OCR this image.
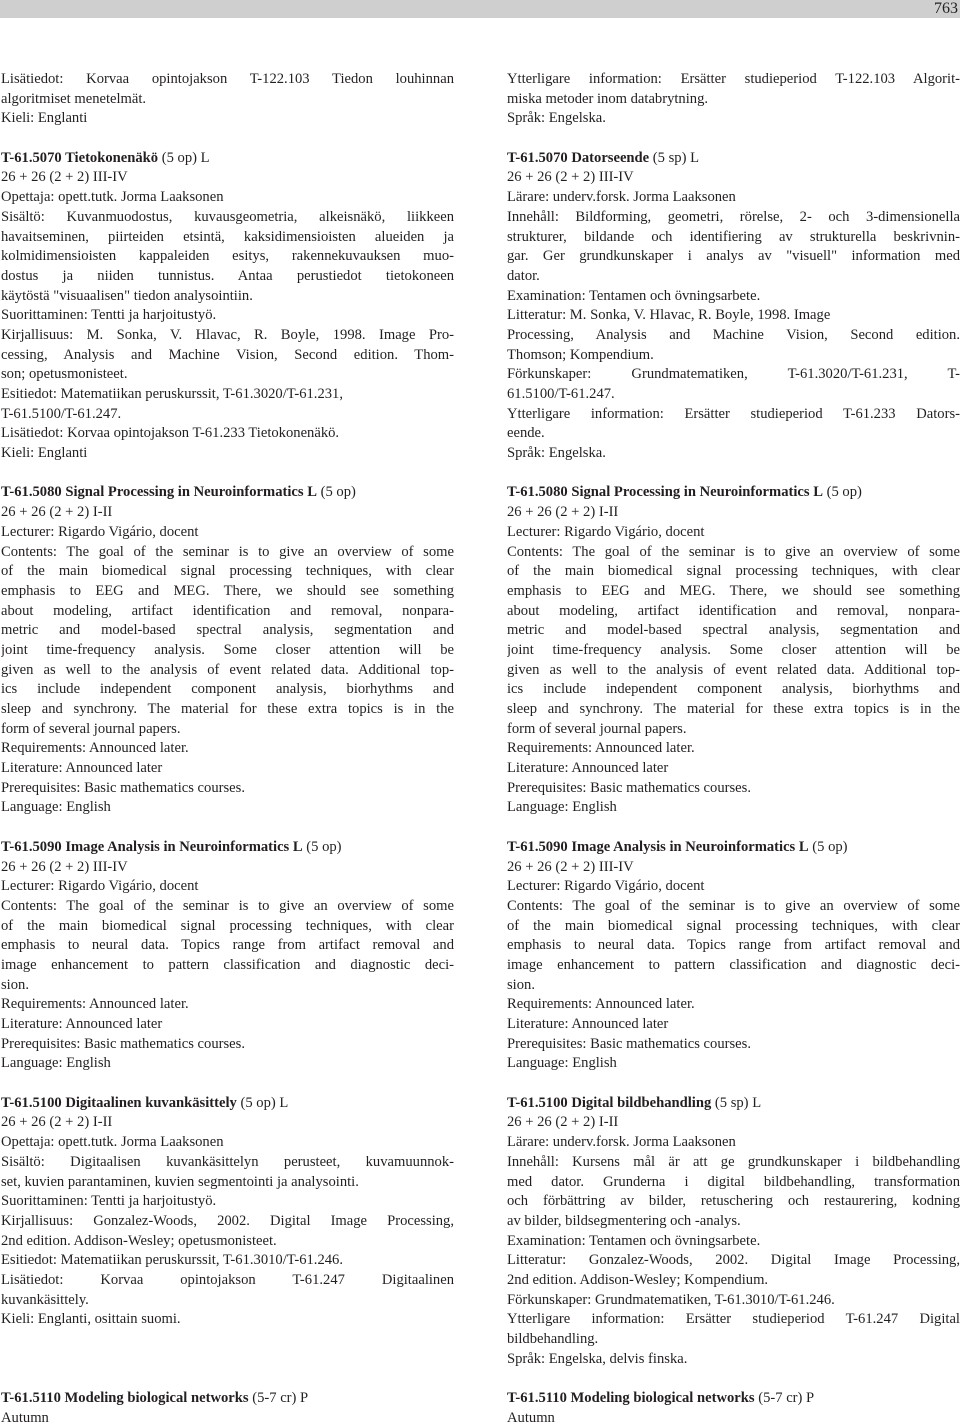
763
Lisätiedot: Korvaa opintojakson T-122.103 Tiedon louhinnan
algoritmiset menetelmät.
Kieli: Englanti
T-61.5070 Tietokonenäkö (5 op) L
26 + 26 (2 + 2) III-IV
Opettaja: opett.tutk. Jorma Laaksonen
Sisältö: Kuvanmuodostus, kuvausgeometria, alkeisnäkö, liikkeen
havaitseminen, piirteiden etsintä, kaksidimensioisten alueiden ja
kolmidimensioisten kappaleiden esitys, rakennekuvauksen muo-
dostus ja niiden tunnistus. Antaa perustiedot tietokoneen
käytöstä "visuaalisen" tiedon analysointiin.
Suorittaminen: Tentti ja harjoitustyö.
Kirjallisuus: M. Sonka, V. Hlavac, R. Boyle, 1998. Image Pro-
cessing, Analysis and Machine Vision, Second edition. Thom-
son; opetusmonisteet.
Esitiedot: Matematiikan peruskurssit, T-61.3020/T-61.231,
T-61.5100/T-61.247.
Lisätiedot: Korvaa opintojakson T-61.233 Tietokonenäkö.
Kieli: Englanti
T-61.5080 Signal Processing in Neuroinformatics L (5 op)
26 + 26 (2 + 2) I-II
Lecturer: Rigardo Vigário, docent
Contents: The goal of the seminar is to give an overview of some
of the main biomedical signal processing techniques, with clear
emphasis to EEG and MEG. There, we should see something
about modeling, artifact identification and removal, nonpara-
metric and model-based spectral analysis, segmentation and
joint time-frequency analysis. Some closer attention will be
given as well to the analysis of event related data. Additional top-
ics include independent component analysis, biorhythms and
sleep and synchrony. The material for these extra topics is in the
form of several journal papers.
Requirements: Announced later.
Literature: Announced later
Prerequisites: Basic mathematics courses.
Language: English
T-61.5090 Image Analysis in Neuroinformatics L (5 op)
26 + 26 (2 + 2) III-IV
Lecturer: Rigardo Vigário, docent
Contents: The goal of the seminar is to give an overview of some
of the main biomedical signal processing techniques, with clear
emphasis to neural data. Topics range from artifact removal and
image enhancement to pattern classification and diagnostic deci-
sion.
Requirements: Announced later.
Literature: Announced later
Prerequisites: Basic mathematics courses.
Language: English
T-61.5100 Digitaalinen kuvankäsittely (5 op) L
26 + 26 (2 + 2) I-II
Opettaja: opett.tutk. Jorma Laaksonen
Sisältö: Digitaalisen kuvankäsittelyn perusteet, kuvamuunnok-
set, kuvien parantaminen, kuvien segmentointi ja analysointi.
Suorittaminen: Tentti ja harjoitustyö.
Kirjallisuus: Gonzalez-Woods, 2002. Digital Image Processing,
2nd edition. Addison-Wesley; opetusmonisteet.
Esitiedot: Matematiikan peruskurssit, T-61.3010/T-61.246.
Lisätiedot: Korvaa opintojakson T-61.247 Digitaalinen
kuvankäsittely.
Kieli: Englanti, osittain suomi.
T-61.5110 Modeling biological networks (5-7 cr) P
Autumn
Ytterligare information: Ersätter studieperiod T-122.103 Algorit-
miska metoder inom databrytning.
Språk: Engelska.
T-61.5070 Datorseende (5 sp) L
26 + 26 (2 + 2) III-IV
Lärare: underv.forsk. Jorma Laaksonen
Innehåll: Bildforming, geometri, rörelse, 2- och 3-dimensionella
strukturer, bildande och identifiering av strukturella beskrivnin-
gar. Ger grundkunskaper i analys av "visuell" information med
dator.
Examination: Tentamen och övningsarbete.
Litteratur: M. Sonka, V. Hlavac, R. Boyle, 1998. Image
Processing, Analysis and Machine Vision, Second edition.
Thomson; Kompendium.
Förkunskaper: Grundmatematiken, T-61.3020/T-61.231, T-
61.5100/T-61.247.
Ytterligare information: Ersätter studieperiod T-61.233 Dators-
eende.
Språk: Engelska.
T-61.5080 Signal Processing in Neuroinformatics L (5 op)
26 + 26 (2 + 2) I-II
Lecturer: Rigardo Vigário, docent
Contents: The goal of the seminar is to give an overview of some
of the main biomedical signal processing techniques, with clear
emphasis to EEG and MEG. There, we should see something
about modeling, artifact identification and removal, nonpara-
metric and model-based spectral analysis, segmentation and
joint time-frequency analysis. Some closer attention will be
given as well to the analysis of event related data. Additional top-
ics include independent component analysis, biorhythms and
sleep and synchrony. The material for these extra topics is in the
form of several journal papers.
Requirements: Announced later.
Literature: Announced later
Prerequisites: Basic mathematics courses.
Language: English
T-61.5090 Image Analysis in Neuroinformatics L (5 op)
26 + 26 (2 + 2) III-IV
Lecturer: Rigardo Vigário, docent
Contents: The goal of the seminar is to give an overview of some
of the main biomedical signal processing techniques, with clear
emphasis to neural data. Topics range from artifact removal and
image enhancement to pattern classification and diagnostic deci-
sion.
Requirements: Announced later.
Literature: Announced later
Prerequisites: Basic mathematics courses.
Language: English
T-61.5100 Digital bildbehandling (5 sp) L
26 + 26 (2 + 2) I-II
Lärare: underv.forsk. Jorma Laaksonen
Innehåll: Kursens mål är att ge grundkunskaper i bildbehandling
med dator. Grunderna i digital bildbehandling, transformation
och förbättring av bilder, retuschering och restaurering, kodning
av bilder, bildsegmentering och -analys.
Examination: Tentamen och övningsarbete.
Litteratur: Gonzalez-Woods, 2002. Digital Image Processing,
2nd edition. Addison-Wesley; Kompendium.
Förkunskaper: Grundmatematiken, T-61.3010/T-61.246.
Ytterligare information: Ersätter studieperiod T-61.247 Digital
bildbehandling.
Språk: Engelska, delvis finska.
T-61.5110 Modeling biological networks (5-7 cr) P
Autumn
